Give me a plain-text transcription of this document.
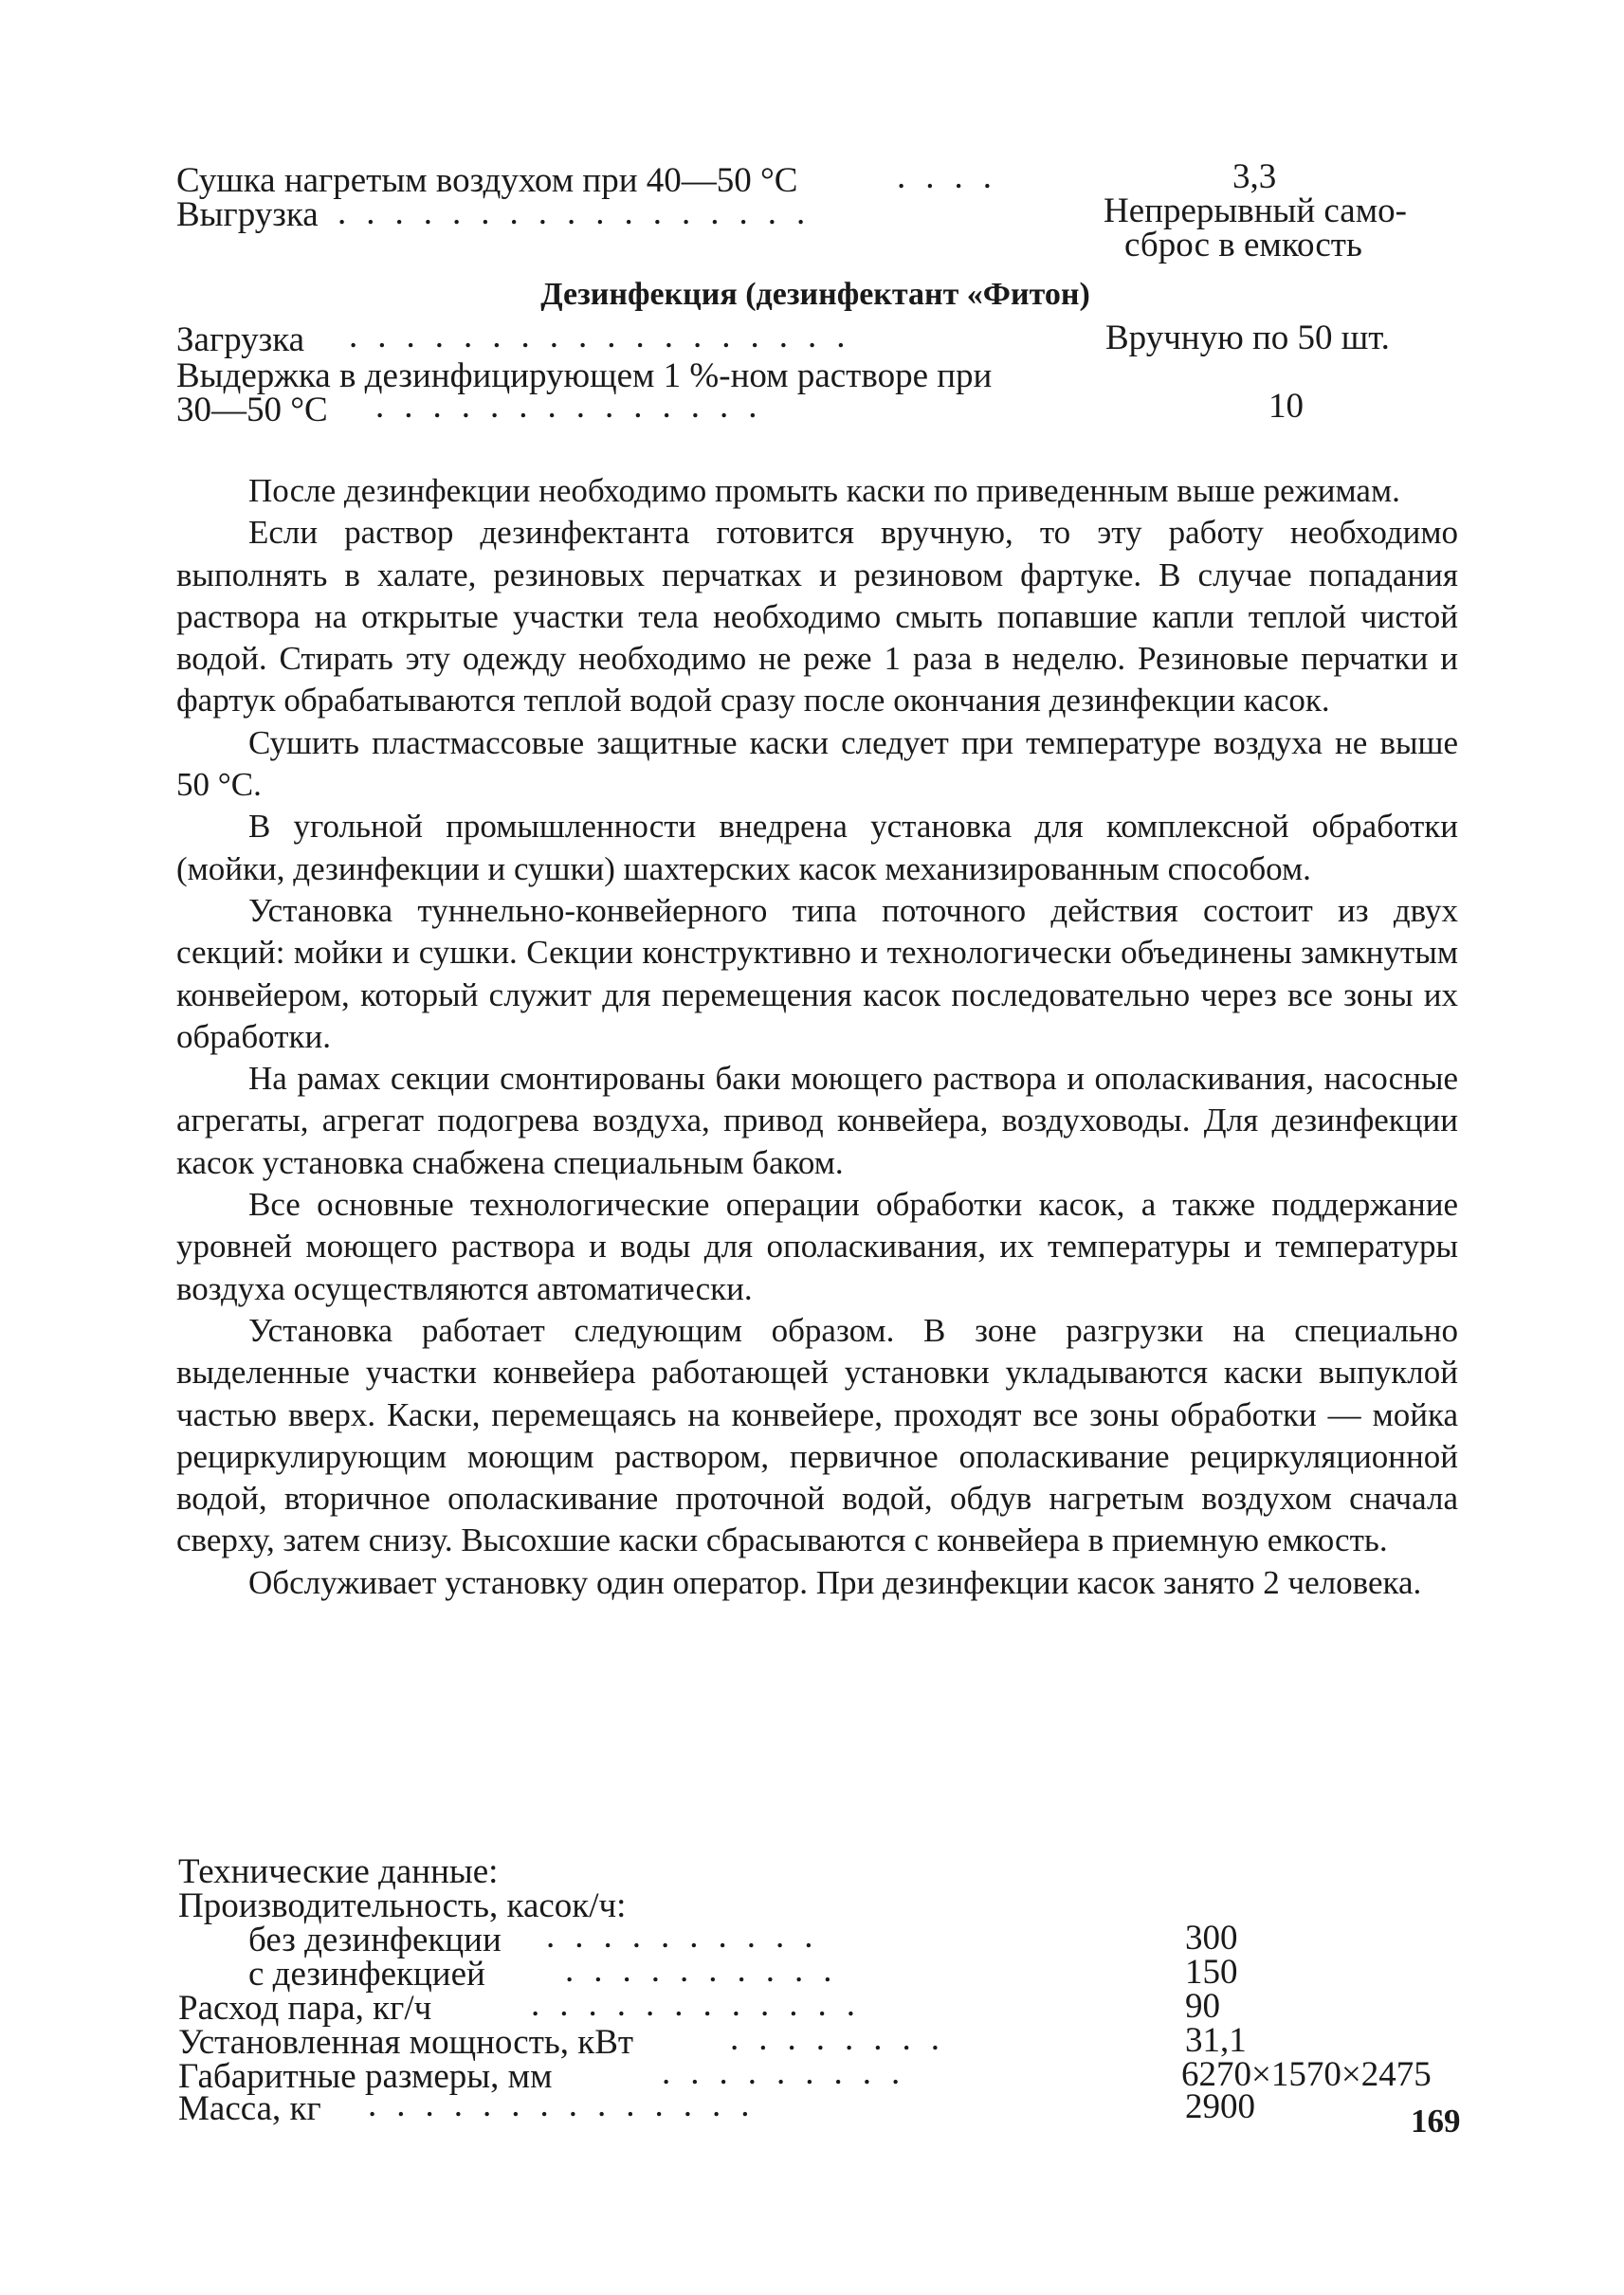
Сушка нагретым воздухом при 40—50 °С	....	3,3
Выгрузка .................	Непрерывный само-
сброс в емкость
Дезинфекция (дезинфектант «Фитон)
Загрузка ..................	Вручную по 50 шт.
Выдержка в дезинфицирующем 1 %-ном растворе при
30—50 °С ..............	10

После дезинфекции необходимо промыть каски по приведенным выше режимам.

Если раствор дезинфектанта готовится вручную, то эту работу необходимо выполнять в халате, резиновых перчатках и резиновом фартуке. В случае попадания раствора на открытые участки тела необходимо смыть попавшие капли теплой чистой водой. Стирать эту одежду необходимо не реже 1 раза в неделю. Резиновые перчатки и фартук обрабатываются теплой водой сразу после окончания дезинфекции касок.

Сушить пластмассовые защитные каски следует при температуре воздуха не выше 50 °С.

В угольной промышленности внедрена установка для комплексной обработки (мойки, дезинфекции и сушки) шахтерских касок механизированным способом.

Установка туннельно-конвейерного типа поточного действия состоит из двух секций: мойки и сушки. Секции конструктивно и технологически объединены замкнутым конвейером, который служит для перемещения касок последовательно через все зоны их обработки.

На рамах секции смонтированы баки моющего раствора и ополаскивания, насосные агрегаты, агрегат подогрева воздуха, привод конвейера, воздуховоды. Для дезинфекции касок установка снабжена специальным баком.

Все основные технологические операции обработки касок, а также поддержание уровней моющего раствора и воды для ополаскивания, их температуры и температуры воздуха осуществляются автоматически.

Установка работает следующим образом. В зоне разгрузки на специально выделенные участки конвейера работающей установки укладываются каски выпуклой частью вверх. Каски, перемещаясь на конвейере, проходят все зоны обработки — мойка рециркулирующим моющим раствором, первичное ополаскивание рециркуляционной водой, вторичное ополаскивание проточной водой, обдув нагретым воздухом сначала сверху, затем снизу. Высохшие каски сбрасываются с конвейера в приемную емкость.

Обслуживает установку один оператор. При дезинфекции касок занято 2 человека.

Технические данные:
Производительность, касок/ч:
без дезинфекции ..........	300
с дезинфекцией ..........	150
Расход пара, кг/ч	............	90
Установленная мощность, кВт	........	31,1
Габаритные размеры, мм	.........	6270×1570×2475
Масса, кг ..............	2900	169
